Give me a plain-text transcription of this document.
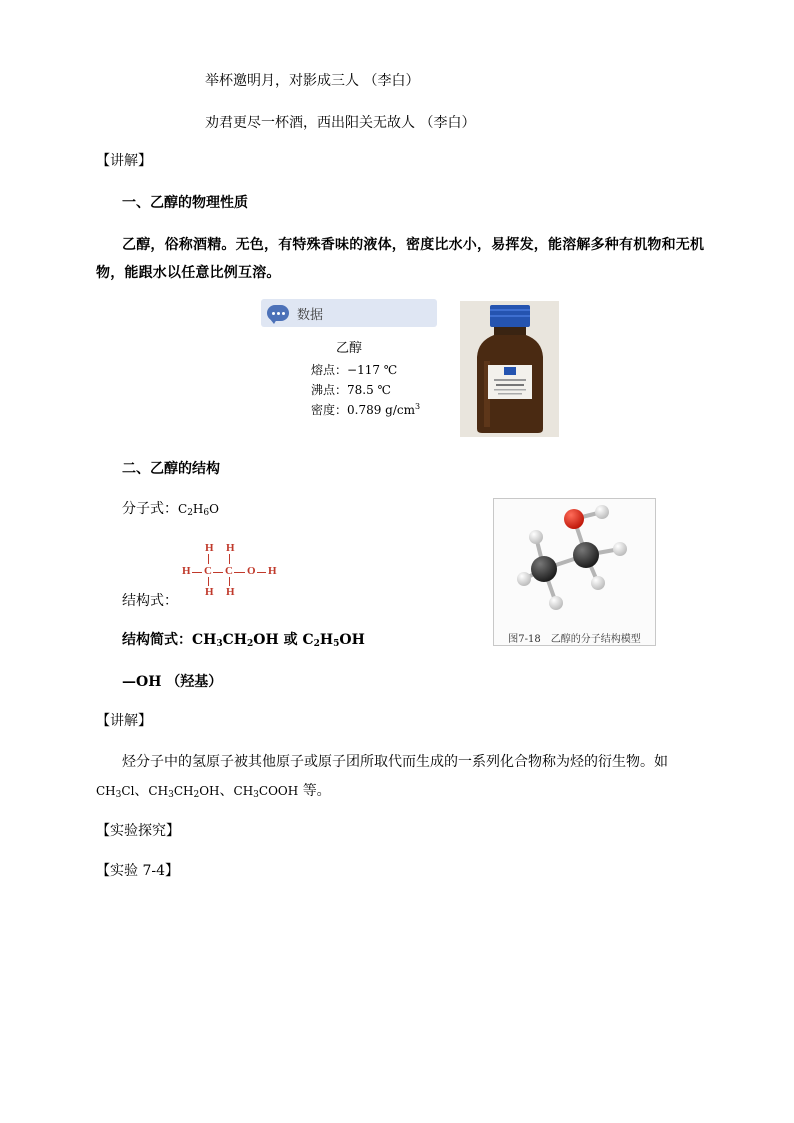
举杯邀明月，对影成三人 （李白）
劝君更尽一杯酒，西出阳关无故人 （李白）
【讲解】
一、乙醇的物理性质
乙醇，俗称酒精。无色，有特殊香味的液体，密度比水小，易挥发，能溶解多种有机物和无机物，能跟水以任意比例互溶。
数据
乙醇
熔点：−117 ℃
沸点：78.5 ℃
密度：0.789 $g/cm^3$
二、乙醇的结构
分子式：$C_2H_6O$
H H
H C C O H
H H
结构式：
结构简式：$CH_3CH_2OH$ 或 $C_2H_5OH$
—OH （羟基）
图7-18　乙醇的分子结构模型
【讲解】
烃分子中的氢原子被其他原子或原子团所取代而生成的一系列化合物称为烃的衍生物。如$CH_3Cl$、$CH_3CH_2OH$、$CH_3COOH$ 等。
【实验探究】
【实验 7-4】
